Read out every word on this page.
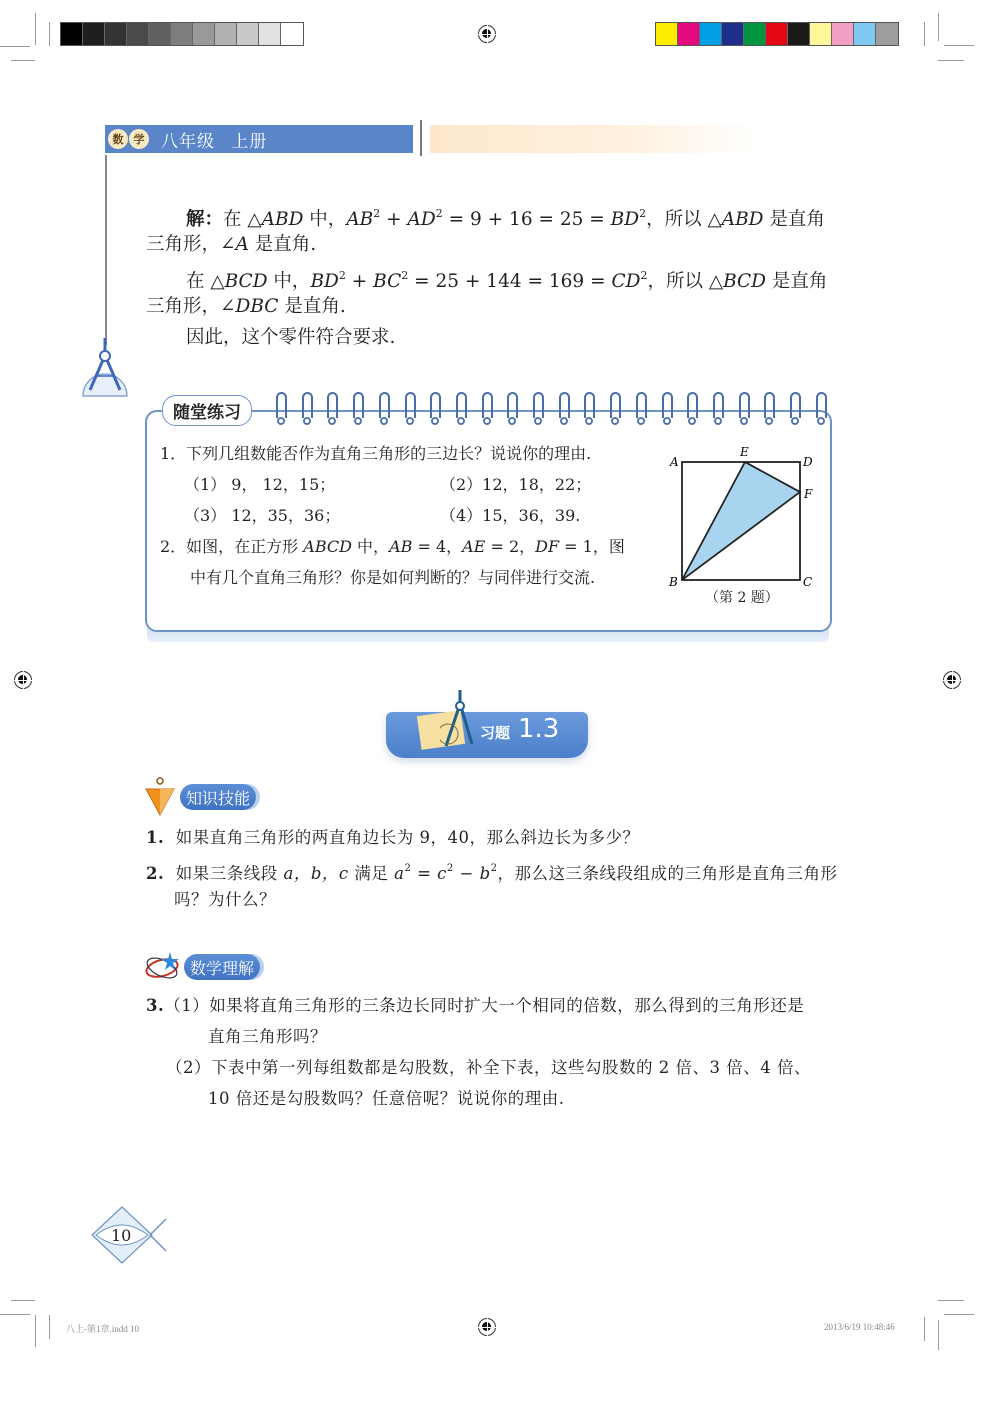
数 学 八年级 上册
解：在 △ABD 中，$AB^2 + AD^2 = 9 + 16 = 25 = BD^2$，所以 △ABD 是直角
三角形，∠A 是直角.
在 △BCD 中，$BD^2 + BC^2 = 25 + 144 = 169 = CD^2$，所以 △BCD 是直角
三角形，∠DBC 是直角.
因此，这个零件符合要求.
随堂练习
1．下列几组数能否作为直角三角形的三边长？说说你的理由.
（1） 9， 12，15；	（2）12，18，22；
（3） 12，35，36；	（4）15，36，39.
2．如图，在正方形 ABCD 中，AB = 4，AE = 2，DF = 1，图
中有几个直角三角形？你是如何判断的？与同伴进行交流.
A
E
D
F
B	C
（第 2 题）
习题 1.3
知识技能
1. 如果直角三角形的两直角边长为 9，40，那么斜边长为多少？
2. 如果三条线段 a，b，c 满足 $a^2 = c^2 - b^2$，那么这三条线段组成的三角形是直角三角形
吗？为什么？
数学理解
3.（1）如果将直角三角形的三条边长同时扩大一个相同的倍数，那么得到的三角形还是
直角三角形吗？
（2）下表中第一列每组数都是勾股数，补全下表，这些勾股数的 2 倍、3 倍、4 倍、
10 倍还是勾股数吗？任意倍呢？说说你的理由.
10
八上-第1章.indd 10	2013/6/19 10:48:46
